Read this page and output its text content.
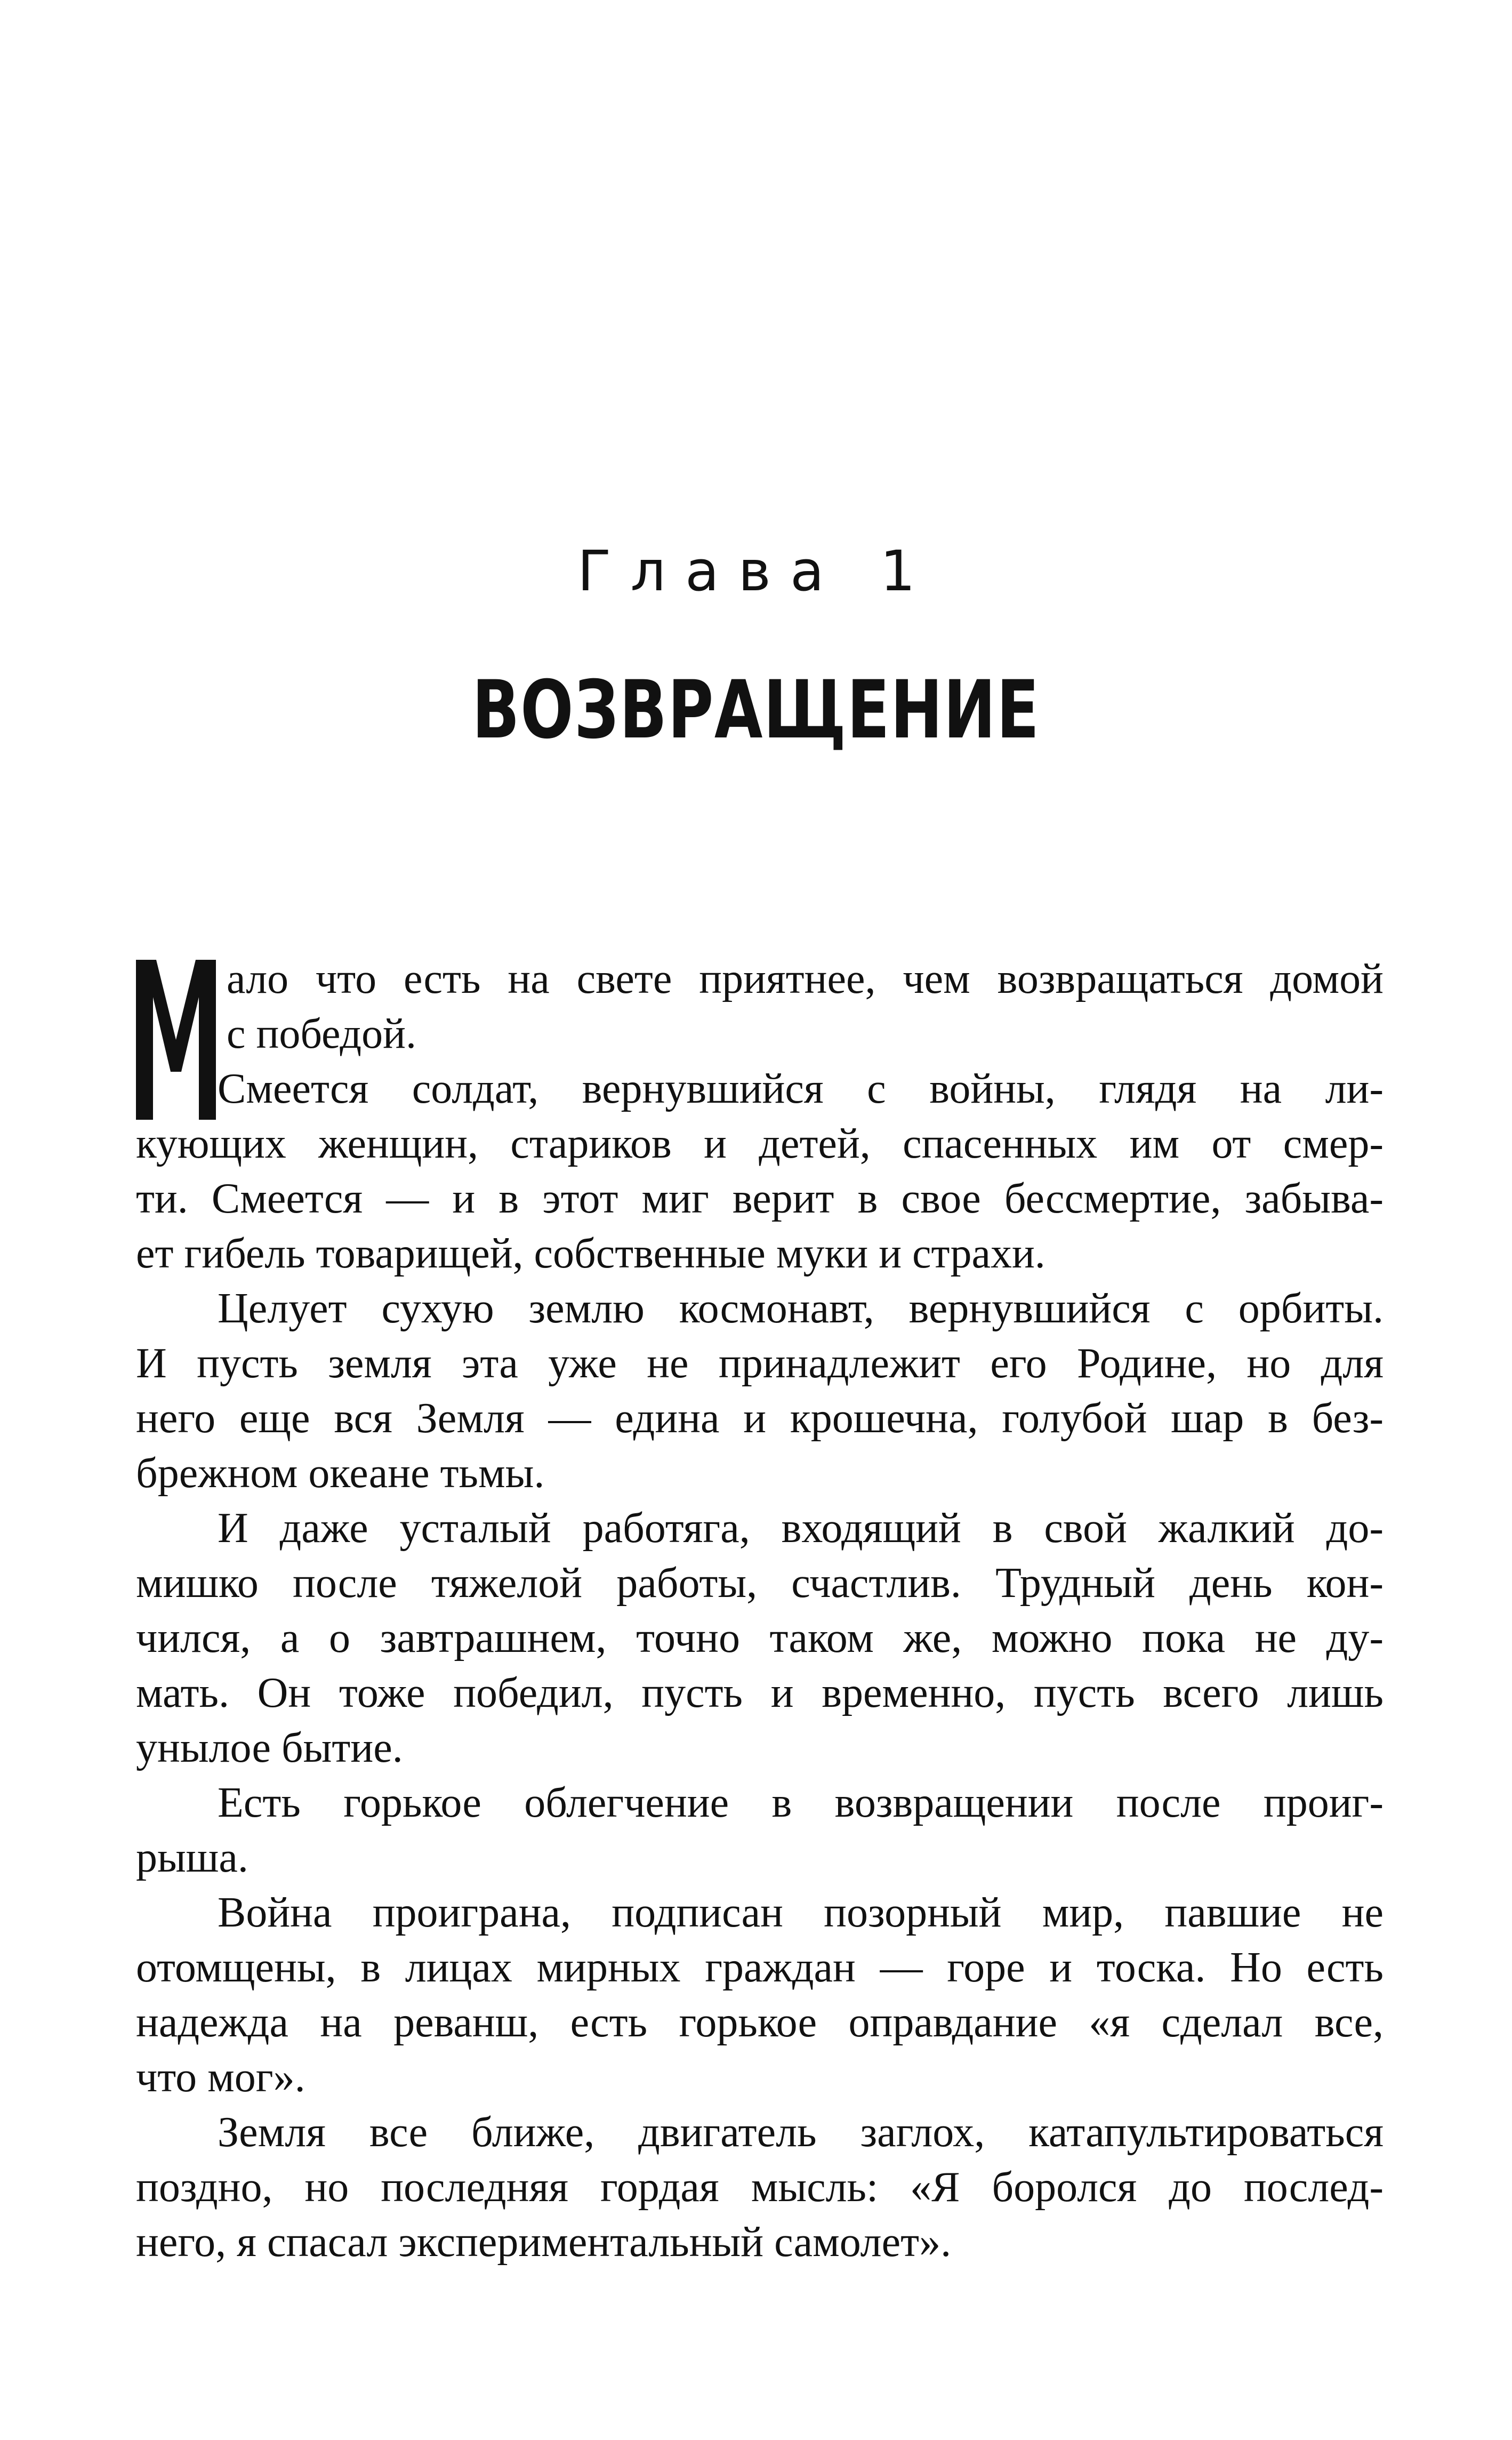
Глава 1
ВОЗВРАЩЕНИЕ
ало что есть на свете приятнее, чем возвращаться домой
с победой.
Смеется солдат, вернувшийся с войны, глядя на ли-
кующих женщин, стариков и детей, спасенных им от смер-
ти. Смеется — и в этот миг верит в свое бессмертие, забыва-
ет гибель товарищей, собственные муки и страхи.
Целует сухую землю космонавт, вернувшийся с орбиты.
И пусть земля эта уже не принадлежит его Родине, но для
него еще вся Земля — едина и крошечна, голубой шар в без-
брежном океане тьмы.
И даже усталый работяга, входящий в свой жалкий до-
мишко после тяжелой работы, счастлив. Трудный день кон-
чился, а о завтрашнем, точно таком же, можно пока не ду-
мать. Он тоже победил, пусть и временно, пусть всего лишь
унылое бытие.
Есть горькое облегчение в возвращении после проиг-
рыша.
Война проиграна, подписан позорный мир, павшие не
отомщены, в лицах мирных граждан — горе и тоска. Но есть
надежда на реванш, есть горькое оправдание «я сделал все,
что мог».
Земля все ближе, двигатель заглох, катапультироваться
поздно, но последняя гордая мысль: «Я боролся до послед-
него, я спасал экспериментальный самолет».
